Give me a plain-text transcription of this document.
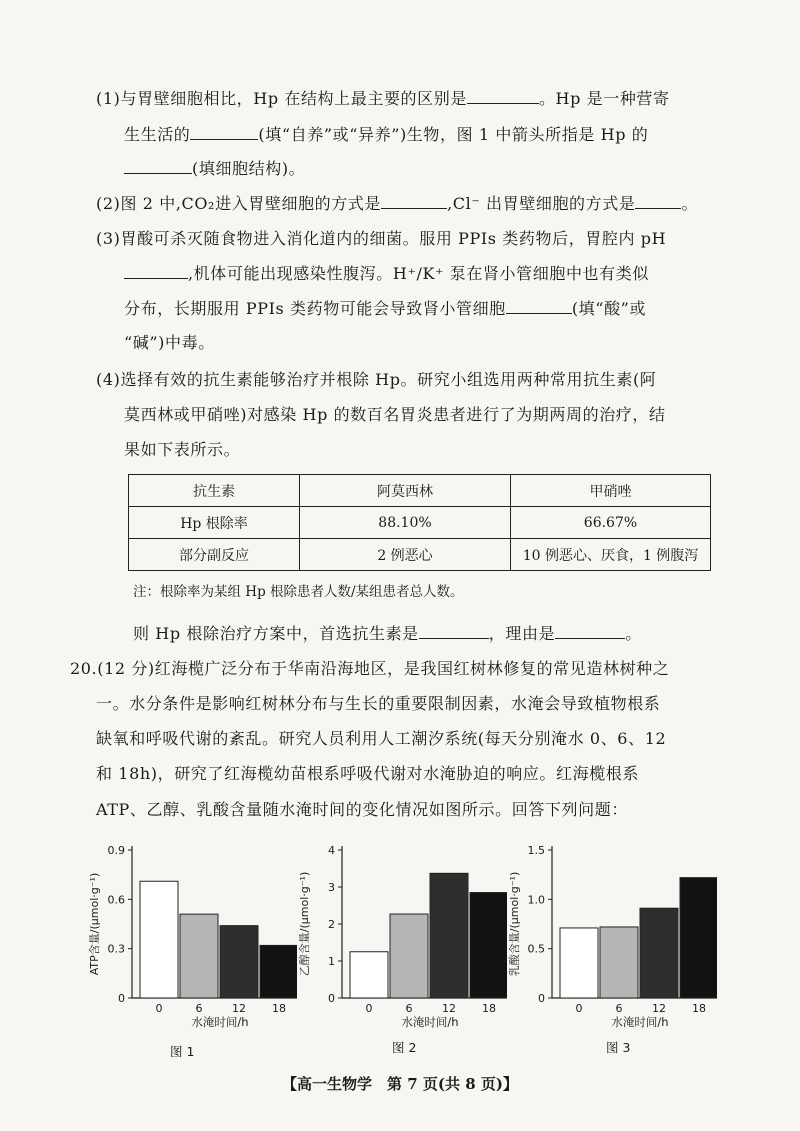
(1)与胃壁细胞相比，Hp 在结构上最主要的区别是	。Hp 是一种营寄
生生活的	(填“自养”或“异养”)生物，图 1 中箭头所指是 Hp 的
(填细胞结构)。
(2)图 2 中,CO₂进入胃壁细胞的方式是	,Cl⁻ 出胃壁细胞的方式是	。
(3)胃酸可杀灭随食物进入消化道内的细菌。服用 PPIs 类药物后，胃腔内 pH
,机体可能出现感染性腹泻。H⁺/K⁺ 泵在肾小管细胞中也有类似
分布，长期服用 PPIs 类药物可能会导致肾小管细胞	(填“酸”或
“碱”)中毒。
(4)选择有效的抗生素能够治疗并根除 Hp。研究小组选用两种常用抗生素(阿
莫西林或甲硝唑)对感染 Hp 的数百名胃炎患者进行了为期两周的治疗，结
果如下表所示。
抗生素	阿莫西林	甲硝唑
Hp 根除率	88.10%	66.67%
部分副反应	2 例恶心	10 例恶心、厌食，1 例腹泻
注：根除率为某组 Hp 根除患者人数/某组患者总人数。
则 Hp 根除治疗方案中，首选抗生素是	，理由是	。
20.(12 分)红海榄广泛分布于华南沿海地区，是我国红树林修复的常见造林树种之
一。水分条件是影响红树林分布与生长的重要限制因素，水淹会导致植物根系
缺氧和呼吸代谢的紊乱。研究人员利用人工潮汐系统(每天分别淹水 0、6、12
和 18h)，研究了红海榄幼苗根系呼吸代谢对水淹胁迫的响应。红海榄根系
ATP、乙醇、乳酸含量随水淹时间的变化情况如图所示。回答下列问题：
0
0.3
0.6
0.9
ATP含量/(μmol·g⁻¹)
0	6	12 18
水淹时间/h
0
1
2
3
4
乙醇含量/(μmol·g⁻¹)
0	6	12 18
水淹时间/h
0
0.5
1.0
1.5
乳酸含量/(μmol·g⁻¹)
0	6	12 18
水淹时间/h
图 1	图 2	图 3
【高一生物学　第 7 页(共 8 页)】
